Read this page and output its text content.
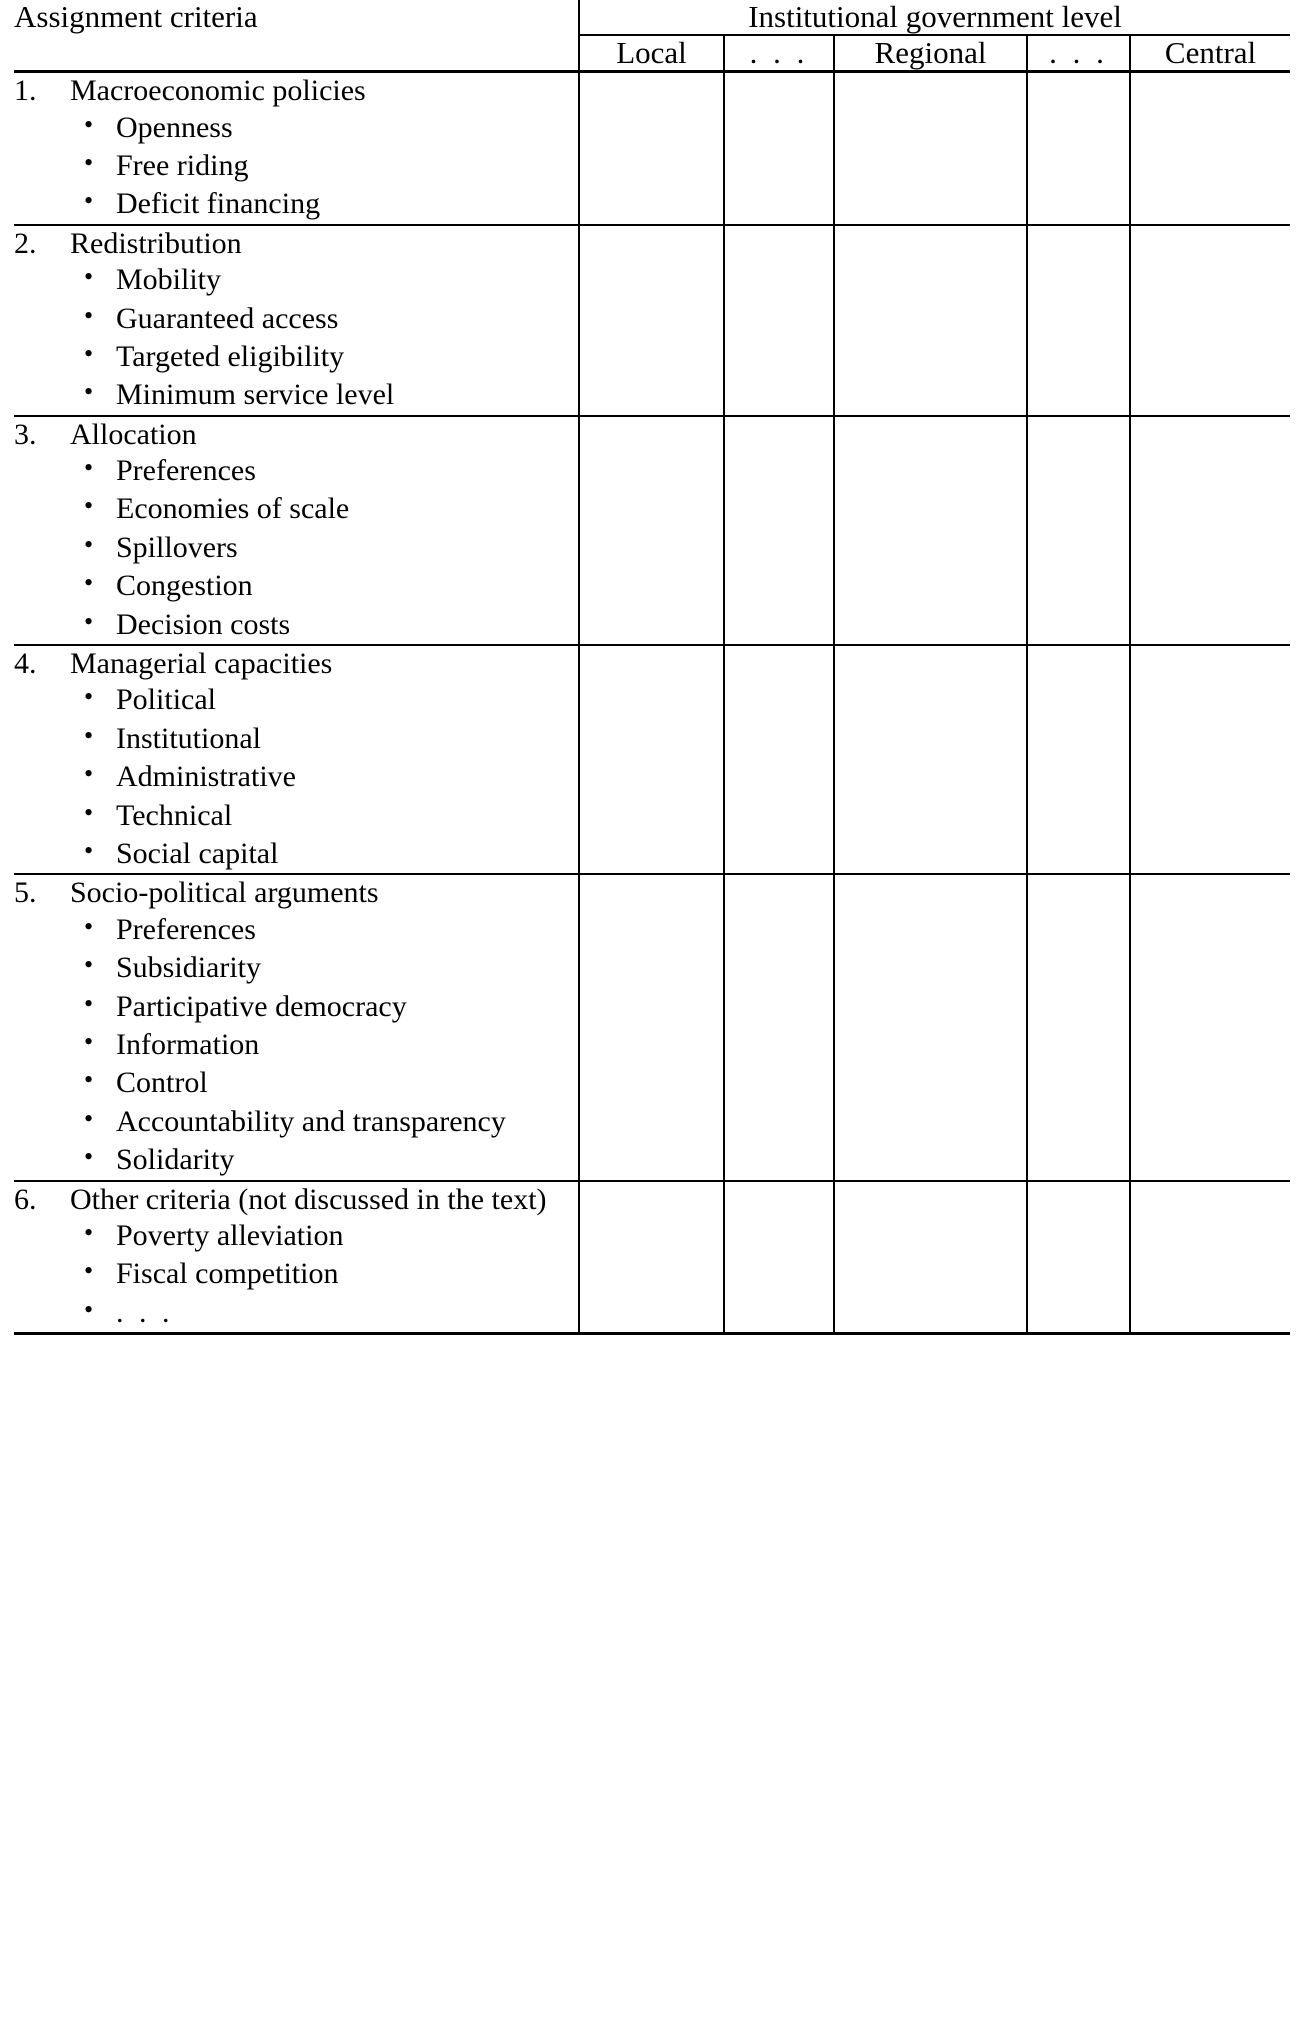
Assignment criteria	Institutional government level				
	Local	. . .	Regional	. . .	Central

1.	Macroeconomic policies
• Openness
• Free riding
• Deficit financing

2.	Redistribution
• Mobility
• Guaranteed access
• Targeted eligibility
• Minimum service level

3.	Allocation
• Preferences
• Economies of scale
• Spillovers
• Congestion
• Decision costs

4.	Managerial capacities
• Political
• Institutional
• Administrative
• Technical
• Social capital

5.	Socio-political arguments
• Preferences
• Subsidiarity
• Participative democracy
• Information
• Control
• Accountability and transparency
• Solidarity

6.	Other criteria (not discussed in the text)
• Poverty alleviation
• Fiscal competition
• . . .
